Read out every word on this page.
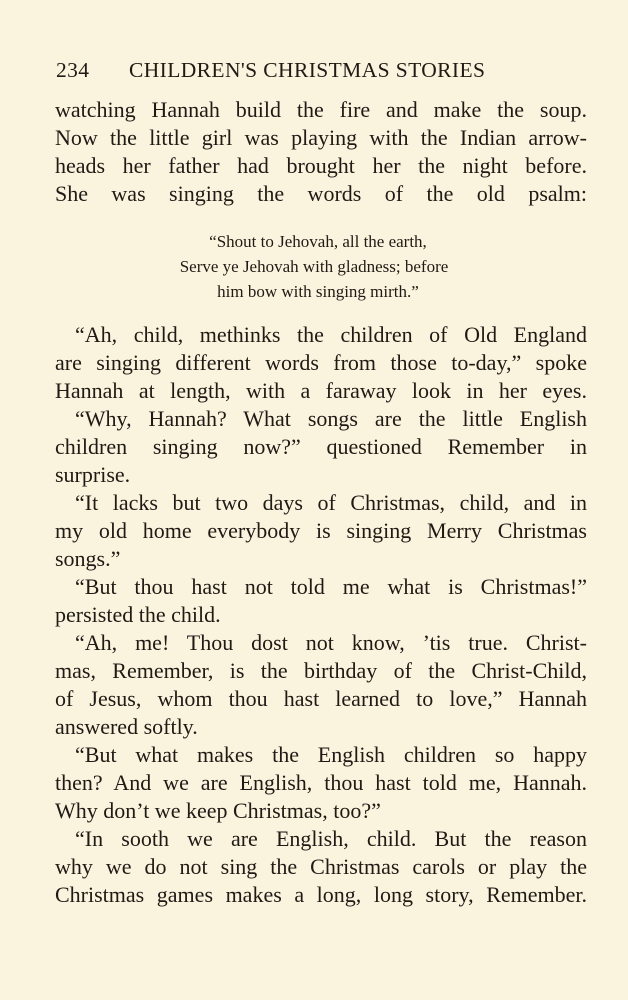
234 CHILDREN'S CHRISTMAS STORIES
watching Hannah build the fire and make the soup.
Now the little girl was playing with the Indian arrow-
heads her father had brought her the night before.
She was singing the words of the old psalm:
“Shout to Jehovah, all the earth,
Serve ye Jehovah with gladness; before
him bow with singing mirth.”
“Ah, child, methinks the children of Old England
are singing different words from those to-day,” spoke
Hannah at length, with a faraway look in her eyes.
“Why, Hannah? What songs are the little English
children singing now?” questioned Remember in
surprise.
“It lacks but two days of Christmas, child, and in
my old home everybody is singing Merry Christmas
songs.”
“But thou hast not told me what is Christmas!”
persisted the child.
“Ah, me! Thou dost not know, ’tis true. Christ-
mas, Remember, is the birthday of the Christ-Child,
of Jesus, whom thou hast learned to love,” Hannah
answered softly.
“But what makes the English children so happy
then? And we are English, thou hast told me, Hannah.
Why don’t we keep Christmas, too?”
“In sooth we are English, child. But the reason
why we do not sing the Christmas carols or play the
Christmas games makes a long, long story, Remember.
